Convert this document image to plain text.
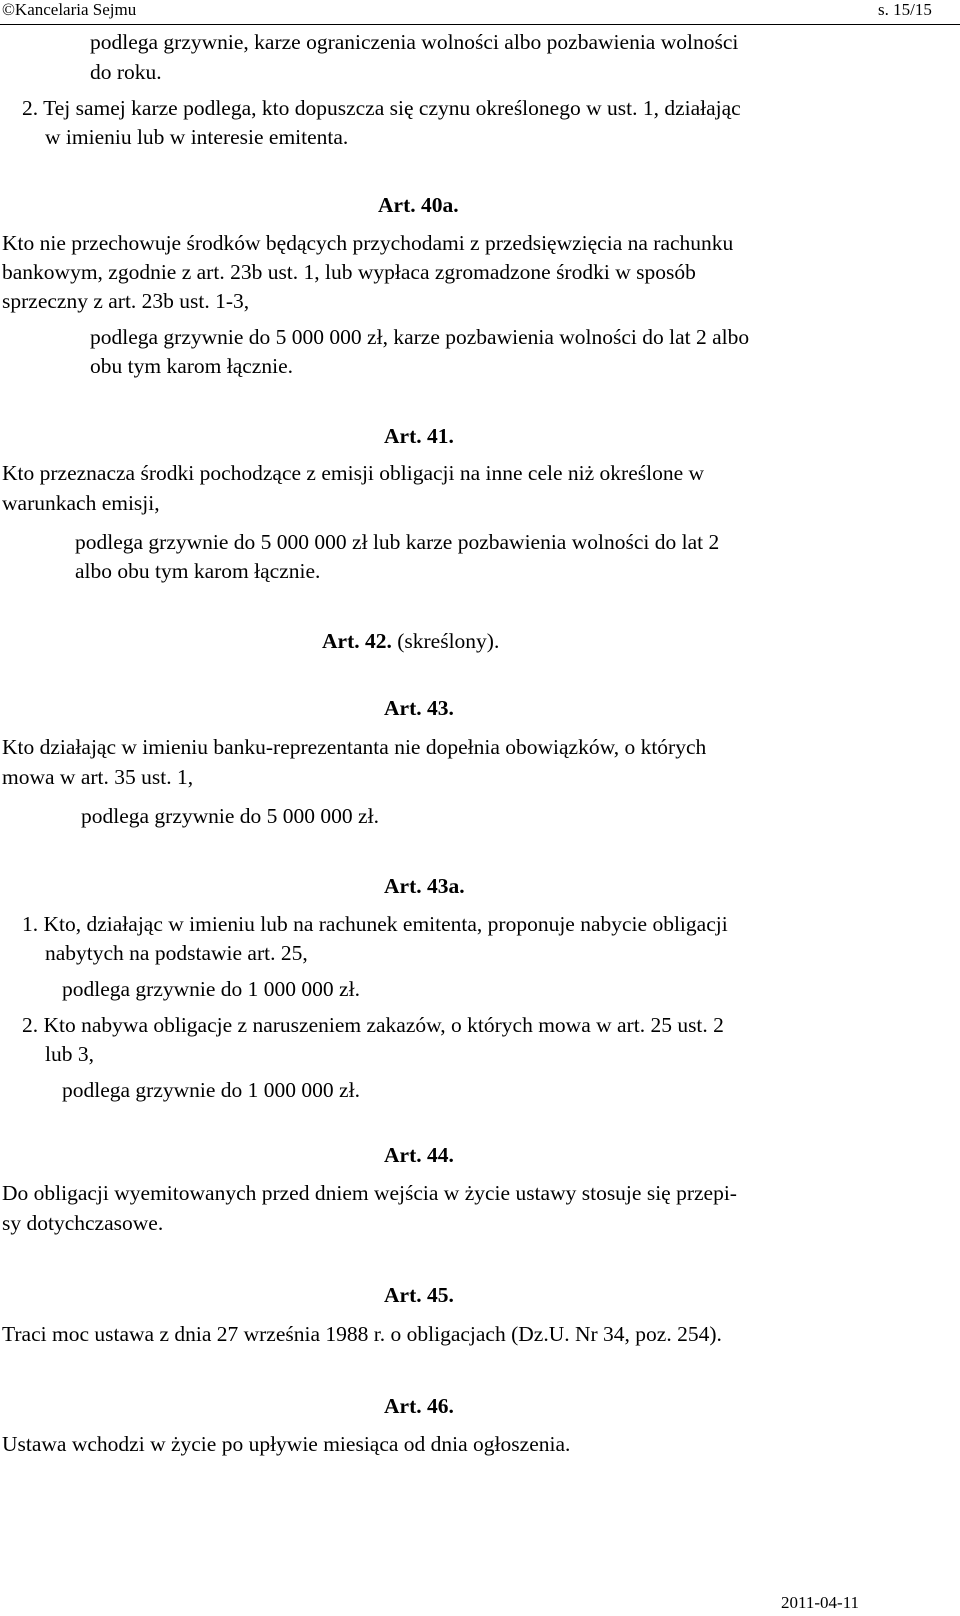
©Kancelaria Sejmu	s. 15/15
podlega grzywnie, karze ograniczenia wolności albo pozbawienia wolności
do roku.
2. Tej samej karze podlega, kto dopuszcza się czynu określonego w ust. 1, działając
w imieniu lub w interesie emitenta.
Art. 40a.
Kto nie przechowuje środków będących przychodami z przedsięwzięcia na rachunku
bankowym, zgodnie z art. 23b ust. 1, lub wypłaca zgromadzone środki w sposób
sprzeczny z art. 23b ust. 1-3,
podlega grzywnie do 5 000 000 zł, karze pozbawienia wolności do lat 2 albo
obu tym karom łącznie.
Art. 41.
Kto przeznacza środki pochodzące z emisji obligacji na inne cele niż określone w
warunkach emisji,
podlega grzywnie do 5 000 000 zł lub karze pozbawienia wolności do lat 2
albo obu tym karom łącznie.
Art. 42. (skreślony).
Art. 43.
Kto działając w imieniu banku-reprezentanta nie dopełnia obowiązków, o których
mowa w art. 35 ust. 1,
podlega grzywnie do 5 000 000 zł.
Art. 43a.
1. Kto, działając w imieniu lub na rachunek emitenta, proponuje nabycie obligacji
nabytych na podstawie art. 25,
podlega grzywnie do 1 000 000 zł.
2. Kto nabywa obligacje z naruszeniem zakazów, o których mowa w art. 25 ust. 2
lub 3,
podlega grzywnie do 1 000 000 zł.
Art. 44.
Do obligacji wyemitowanych przed dniem wejścia w życie ustawy stosuje się przepi-
sy dotychczasowe.
Art. 45.
Traci moc ustawa z dnia 27 września 1988 r. o obligacjach (Dz.U. Nr 34, poz. 254).
Art. 46.
Ustawa wchodzi w życie po upływie miesiąca od dnia ogłoszenia.
2011-04-11
